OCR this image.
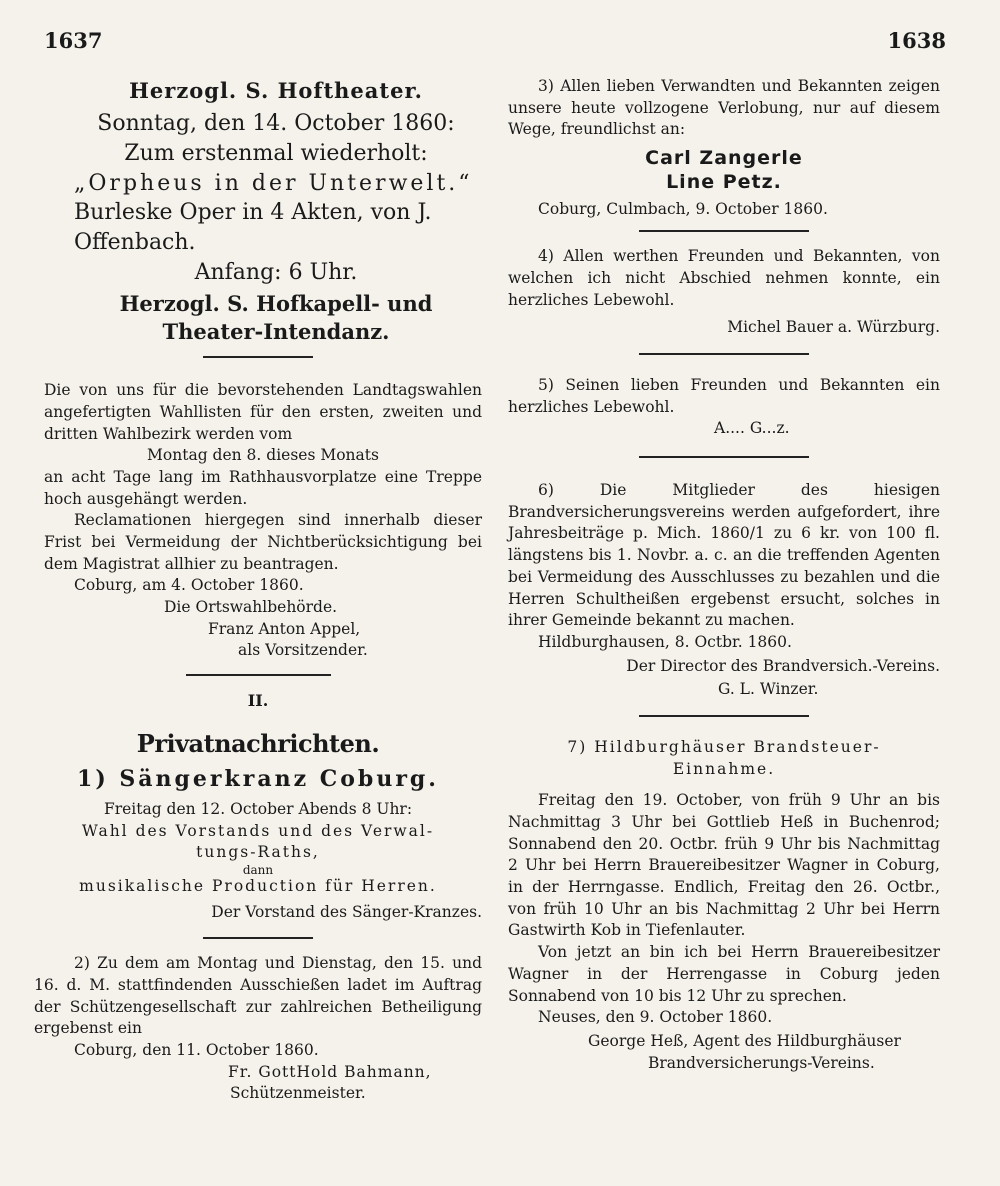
1637	1638
Herzogl. S. Hoftheater.
Sonntag, den 14. October 1860:
Zum erstenmal wiederholt:
„Orpheus in der Unterwelt.“
Burleske Oper in 4 Akten, von J. Offenbach.
Anfang: 6 Uhr.
Herzogl. S. Hofkapell- und Theater-Intendanz.

Die von uns für die bevorstehenden Landtagswahlen angefertigten Wahllisten für den ersten, zweiten und dritten Wahlbezirk werden vom

Montag den 8. dieses Monats

an acht Tage lang im Rathhausvorplatze eine Treppe hoch ausgehängt werden.

Reclamationen hiergegen sind innerhalb dieser Frist bei Vermeidung der Nichtberücksichtigung bei dem Magistrat allhier zu beantragen.

Coburg, am 4. October 1860.

Die Ortswahlbehörde.

Franz Anton Appel,

als Vorsitzender.

II.
Privatnachrichten.
1) Sängerkranz Coburg.

Freitag den 12. October Abends 8 Uhr:

Wahl des Vorstands und des Verwal-

tungs-Raths,

dann

musikalische Production für Herren.

Der Vorstand des Sänger-Kranzes.

2) Zu dem am Montag und Dienstag, den 15. und 16. d. M. stattfindenden Ausschießen ladet im Auftrag der Schützengesellschaft zur zahlreichen Betheiligung ergebenst ein

Coburg, den 11. October 1860.

Fr. GottHold Bahmann,

Schützenmeister.

3) Allen lieben Verwandten und Bekannten zeigen unsere heute vollzogene Verlobung, nur auf diesem Wege, freundlichst an:

Carl Zangerle
Line Petz.

Coburg, Culmbach, 9. October 1860.

4) Allen werthen Freunden und Bekannten, von welchen ich nicht Abschied nehmen konnte, ein herzliches Lebewohl.

Michel Bauer a. Würzburg.

5) Seinen lieben Freunden und Bekannten ein herzliches Lebewohl.

A.... G...z.

6) Die Mitglieder des hiesigen Brandversicherungsvereins werden aufgefordert, ihre Jahresbeiträge p. Mich. 1860/1 zu 6 kr. von 100 fl. längstens bis 1. Novbr. a. c. an die treffenden Agenten bei Vermeidung des Ausschlusses zu bezahlen und die Herren Schultheißen ergebenst ersucht, solches in ihrer Gemeinde bekannt zu machen.

Hildburghausen, 8. Octbr. 1860.

Der Director des Brandversich.-Vereins.

G. L. Winzer.

7) Hildburghäuser Brandsteuer-Einnahme.

Freitag den 19. October, von früh 9 Uhr an bis Nachmittag 3 Uhr bei Gottlieb Heß in Buchenrod; Sonnabend den 20. Octbr. früh 9 Uhr bis Nachmittag 2 Uhr bei Herrn Brauereibesitzer Wagner in Coburg, in der Herrngasse. Endlich, Freitag den 26. Octbr., von früh 10 Uhr an bis Nachmittag 2 Uhr bei Herrn Gastwirth Kob in Tiefenlauter.

Von jetzt an bin ich bei Herrn Brauereibesitzer Wagner in der Herrengasse in Coburg jeden Sonnabend von 10 bis 12 Uhr zu sprechen.

Neuses, den 9. October 1860.

George Heß, Agent des Hildburghäuser

Brandversicherungs-Vereins.
